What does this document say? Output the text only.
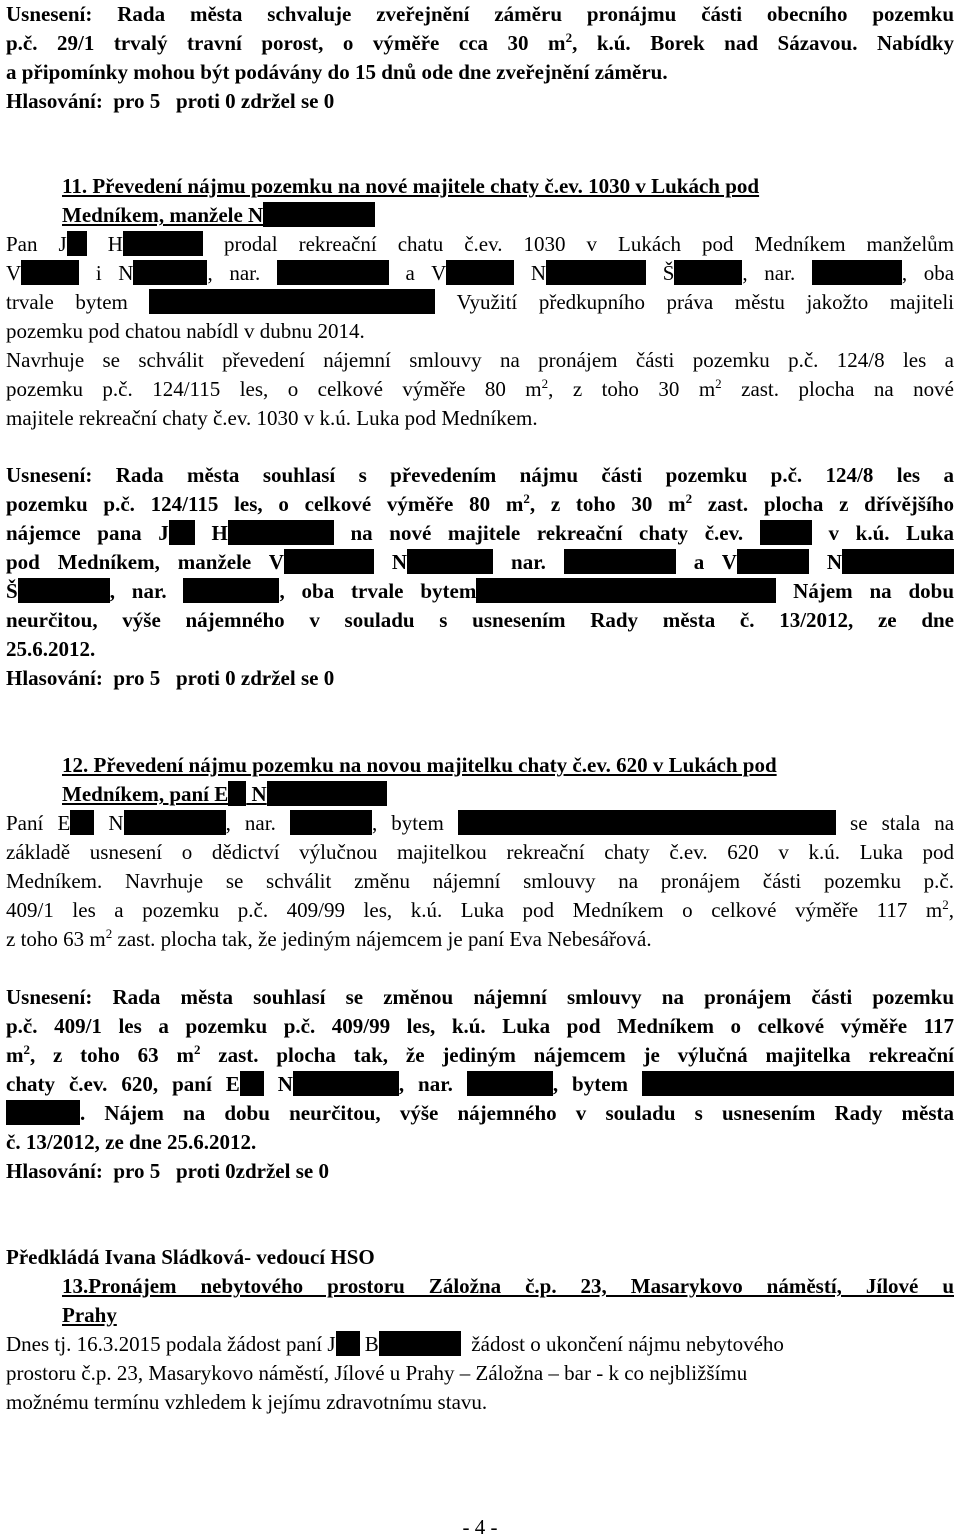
Usnesení: Rada města schvaluje zveřejnění záměru pronájmu části obecního pozemku
p.č. 29/1 trvalý travní porost, o výměře cca 30 $m^2$, k.ú. Borek nad Sázavou. Nabídky
a připomínky mohou být podávány do 15 dnů ode dne zveřejnění záměru.
Hlasování:  pro 5   proti 0 zdržel se 0
11. Převedení nájmu pozemku na nové majitele chaty č.ev. 1030 v Lukách pod
Medníkem, manžele N
Pan J H	prodal rekreační chatu č.ev. 1030 v Lukách pod Medníkem manželům
V	i N	, nar.	a V	N	Š	, nar.	, oba
trvale bytem	Využití předkupního práva městu jakožto majiteli
pozemku pod chatou nabídl v dubnu 2014.
Navrhuje se schválit převedení nájemní smlouvy na pronájem části pozemku p.č. 124/8 les a
pozemku p.č. 124/115 les, o celkové výměře 80 $m^2$, z toho 30 $m^2$ zast. plocha na nové
majitele rekreační chaty č.ev. 1030 v k.ú. Luka pod Medníkem.
Usnesení: Rada města souhlasí s převedením nájmu části pozemku p.č. 124/8 les a
pozemku p.č. 124/115 les, o celkové výměře 80 $m^2$, z toho 30 $m^2$ zast. plocha z dřívějšího
nájemce pana J H	na nové majitele rekreační chaty č.ev.	v k.ú. Luka
pod Medníkem, manžele V	N	nar.	a V	N
Š	, nar.	, oba trvale bytem	Nájem na dobu
neurčitou, výše nájemného v souladu s usnesením Rady města č. 13/2012, ze dne
25.6.2012.
Hlasování:  pro 5   proti 0 zdržel se 0
12. Převedení nájmu pozemku na novou majitelku chaty č.ev. 620 v Lukách pod
Medníkem, paní E N
Paní E N	, nar.	, bytem	se stala na
základě usnesení o dědictví výlučnou majitelkou rekreační chaty č.ev. 620 v k.ú. Luka pod
Medníkem. Navrhuje se schválit změnu nájemní smlouvy na pronájem části pozemku p.č.
409/1 les a pozemku p.č. 409/99 les, k.ú. Luka pod Medníkem o celkové výměře 117 $m^2$,
z toho 63 $m^2$ zast. plocha tak, že jediným nájemcem je paní Eva Nebesářová.
Usnesení: Rada města souhlasí se změnou nájemní smlouvy na pronájem části pozemku
p.č. 409/1 les a pozemku p.č. 409/99 les, k.ú. Luka pod Medníkem o celkové výměře 117
$m^2$, z toho 63 $m^2$ zast. plocha tak, že jediným nájemcem je výlučná majitelka rekreační
chaty č.ev. 620, paní E N	, nar.	, bytem
. Nájem na dobu neurčitou, výše nájemného v souladu s usnesením Rady města
č. 13/2012, ze dne 25.6.2012.
Hlasování:  pro 5   proti 0zdržel se 0
Předkládá Ivana Sládková- vedoucí HSO
13.Pronájem nebytového prostoru Záložna č.p. 23, Masarykovo náměstí, Jílové u
Prahy
Dnes tj. 16.3.2015 podala žádost paní J B	žádost o ukončení nájmu nebytového
prostoru č.p. 23, Masarykovo náměstí, Jílové u Prahy – Záložna – bar - k co nejbližšímu
možnému termínu vzhledem k jejímu zdravotnímu stavu.
- 4 -
